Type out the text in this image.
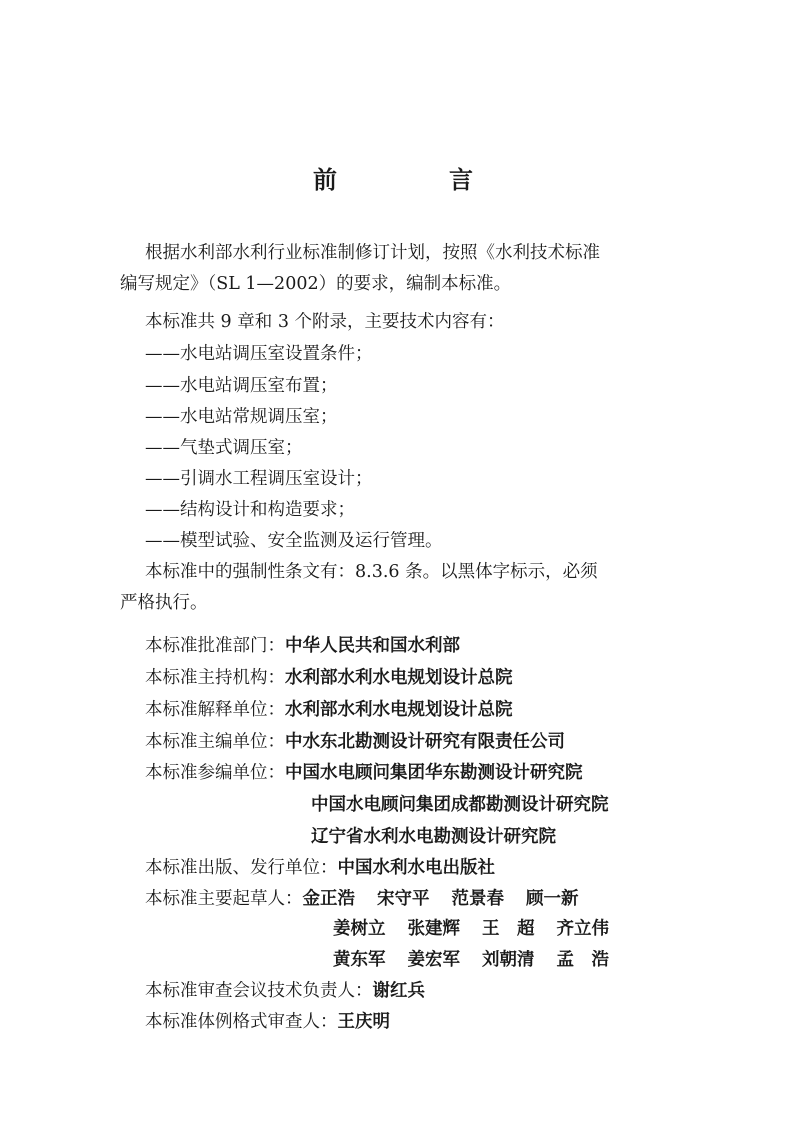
前　言
根据水利部水利行业标准制修订计划，按照《水利技术标准
编写规定》（SL 1—2002）的要求，编制本标准。
本标准共 9 章和 3 个附录，主要技术内容有：
——水电站调压室设置条件；
——水电站调压室布置；
——水电站常规调压室；
——气垫式调压室；
——引调水工程调压室设计；
——结构设计和构造要求；
——模型试验、安全监测及运行管理。
本标准中的强制性条文有：8.3.6 条。以黑体字标示，必须
严格执行。
本标准批准部门：中华人民共和国水利部
本标准主持机构：水利部水利水电规划设计总院
本标准解释单位：水利部水利水电规划设计总院
本标准主编单位：中水东北勘测设计研究有限责任公司
本标准参编单位：中国水电顾问集团华东勘测设计研究院
中国水电顾问集团成都勘测设计研究院
辽宁省水利水电勘测设计研究院
本标准出版、发行单位：中国水利水电出版社
本标准主要起草人：金正浩 宋守平 范景春 顾一新
姜树立 张建辉 王　超 齐立伟
黄东军 姜宏军 刘朝清 孟　浩
本标准审查会议技术负责人：谢红兵
本标准体例格式审查人：王庆明
